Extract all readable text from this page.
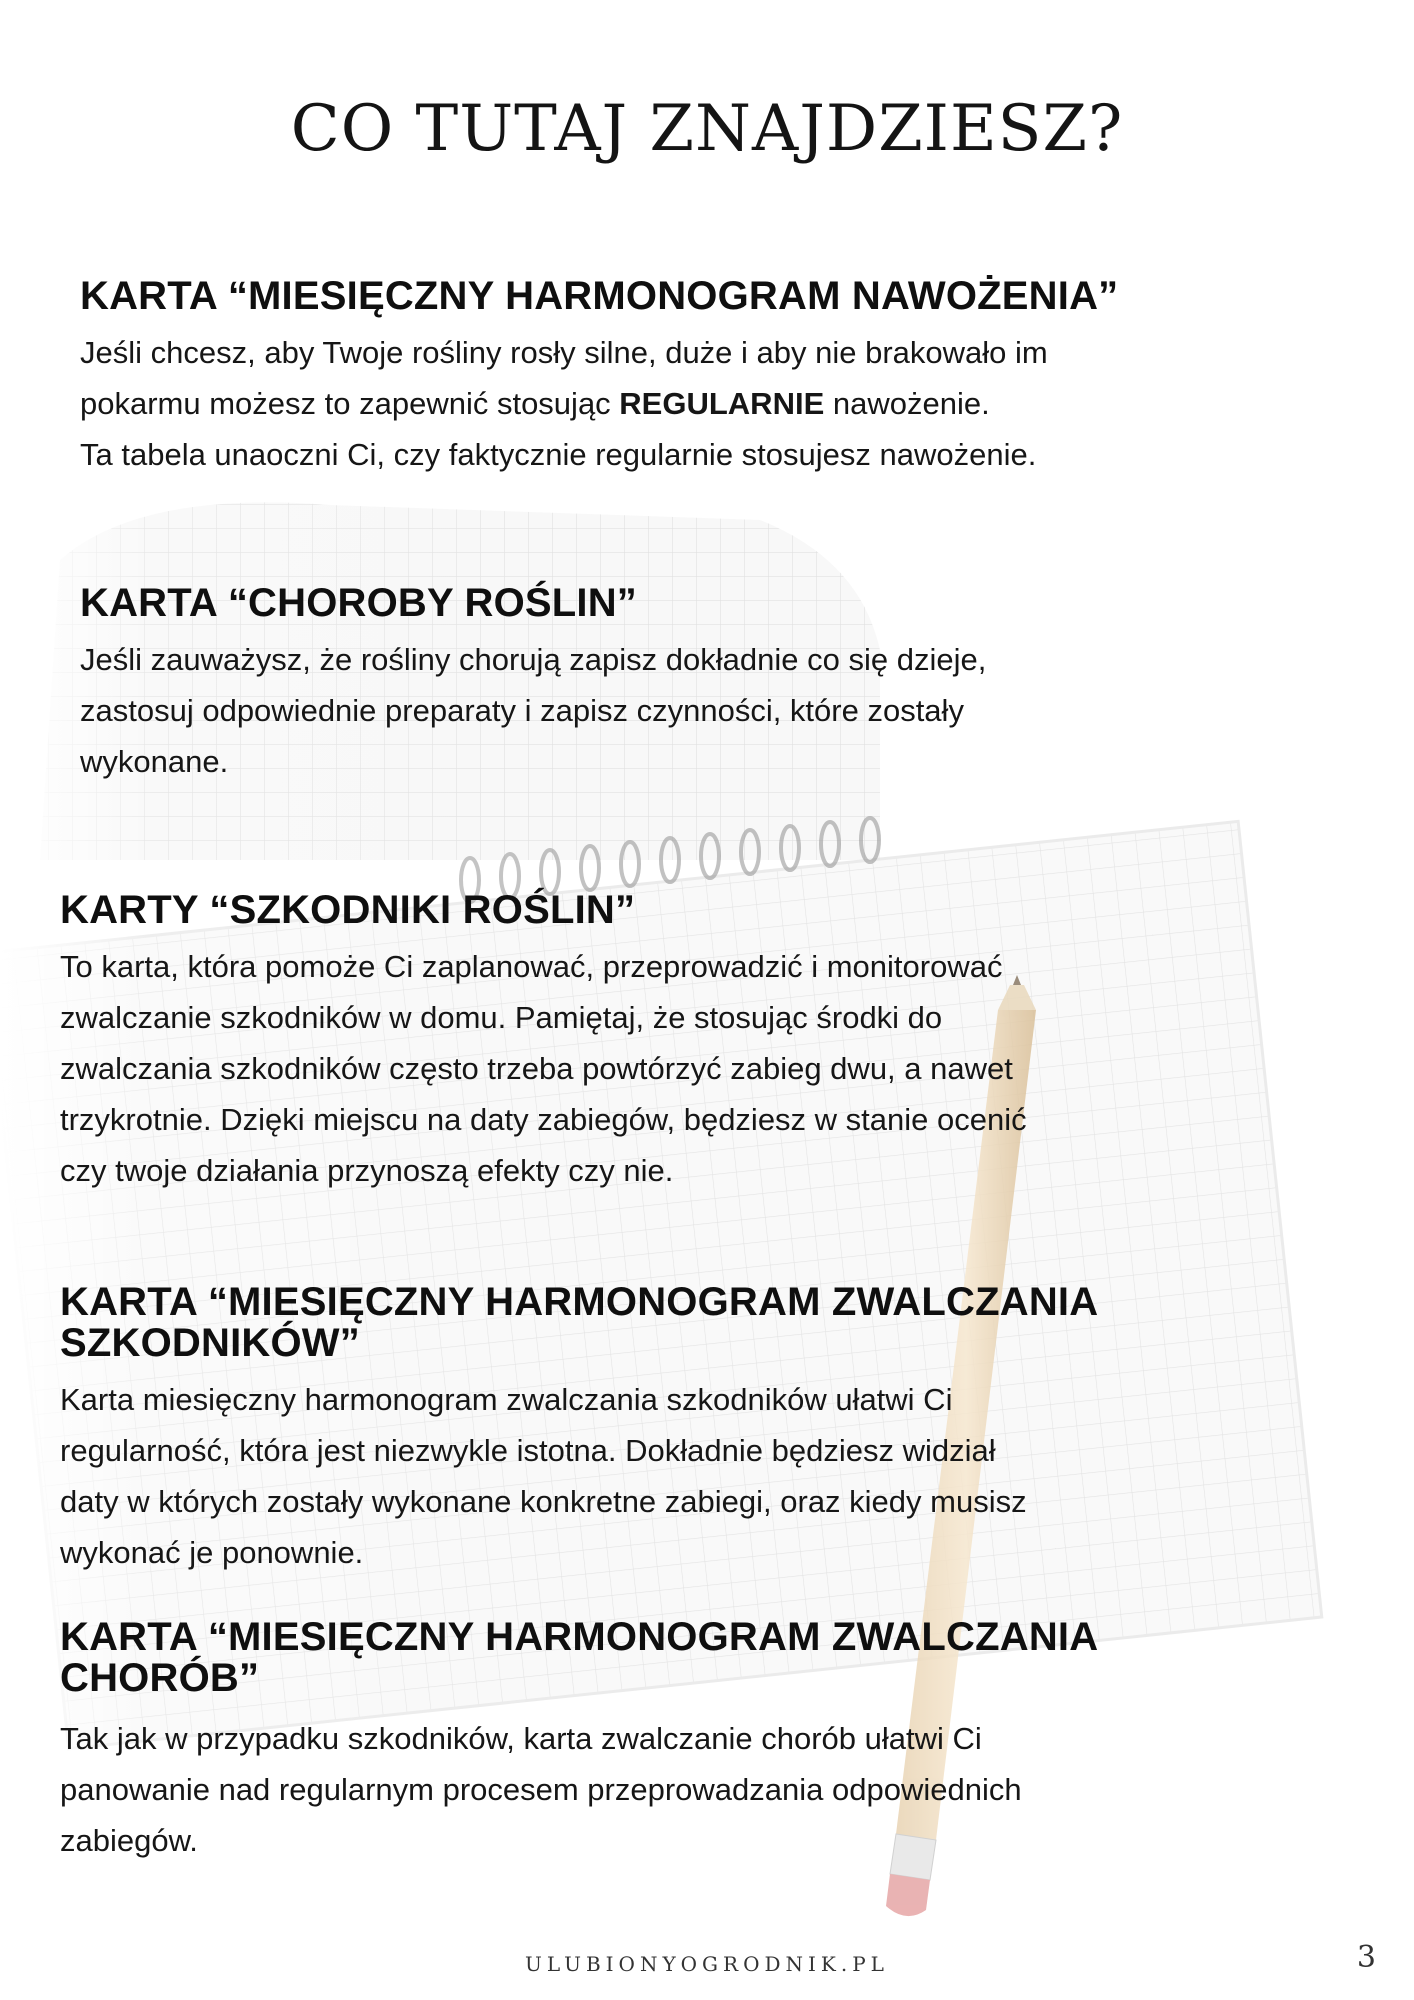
CO TUTAJ ZNAJDZIESZ?
KARTA “MIESIĘCZNY HARMONOGRAM NAWOŻENIA”

Jeśli chcesz, aby Twoje rośliny rosły silne, duże i aby nie brakowało im
pokarmu możesz to zapewnić stosując REGULARNIE nawożenie.
Ta tabela unaoczni Ci, czy faktycznie regularnie stosujesz nawożenie.

KARTA “CHOROBY ROŚLIN”

Jeśli zauważysz, że rośliny chorują zapisz dokładnie co się dzieje,
zastosuj odpowiednie preparaty i zapisz czynności, które zostały
wykonane.

KARTY “SZKODNIKI ROŚLIN”

To karta, która pomoże Ci zaplanować, przeprowadzić i monitorować
zwalczanie szkodników w domu. Pamiętaj, że stosując środki do
zwalczania szkodników często trzeba powtórzyć zabieg dwu, a nawet
trzykrotnie. Dzięki miejscu na daty zabiegów, będziesz w stanie ocenić
czy twoje działania przynoszą efekty czy nie.

KARTA “MIESIĘCZNY HARMONOGRAM ZWALCZANIA
SZKODNIKÓW”

Karta miesięczny harmonogram zwalczania szkodników ułatwi Ci
regularność, która jest niezwykle istotna. Dokładnie będziesz widział
daty w których zostały wykonane konkretne zabiegi, oraz kiedy musisz
wykonać je ponownie.

KARTA “MIESIĘCZNY HARMONOGRAM ZWALCZANIA
CHORÓB”

Tak jak w przypadku szkodników, karta zwalczanie chorób ułatwi Ci
panowanie nad regularnym procesem przeprowadzania odpowiednich
zabiegów.

ULUBIONYOGRODNIK.PL	3
